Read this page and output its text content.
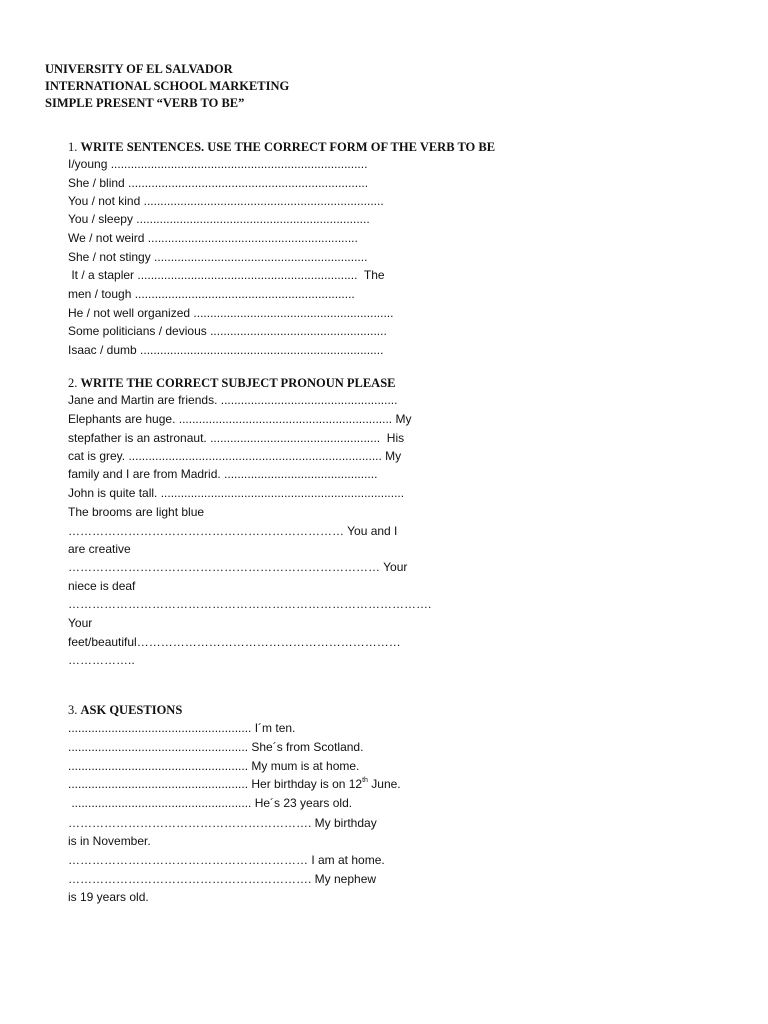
UNIVERSITY OF EL SALVADOR
INTERNATIONAL SCHOOL MARKETING
SIMPLE PRESENT “VERB TO BE”
1. WRITE SENTENCES. USE THE CORRECT FORM OF THE VERB TO BE
I/young .............................................................................
She / blind ........................................................................
You / not kind ........................................................................
You / sleepy ......................................................................
We / not weird ...............................................................
She / not stingy ................................................................
It / a stapler ..................................................................  The
men / tough ..................................................................
He / not well organized ............................................................
Some politicians / devious .....................................................
Isaac / dumb .........................................................................
2. WRITE THE CORRECT SUBJECT PRONOUN PLEASE
Jane and Martin are friends. .....................................................
Elephants are huge. ................................................................ My
stepfather is an astronaut. ...................................................  His
cat is grey. ............................................................................ My
family and I are from Madrid. ..............................................
John is quite tall. .........................................................................
The brooms are light blue
…………………………………………………………… You and I
are creative
…………………………………………………………………… Your
niece is deaf
……………………………………………………………………………….
Your
feet/beautiful…………………………………………………………
……………..
3. ASK QUESTIONS
....................................................... I´m ten.
...................................................... She´s from Scotland.
...................................................... My mum is at home.
...................................................... Her birthday is on 12th June.
...................................................... He´s 23 years old.
……………………………………………………. My birthday
is in November.
…………………………………………………… I am at home.
……………………………………………………. My nephew
is 19 years old.
